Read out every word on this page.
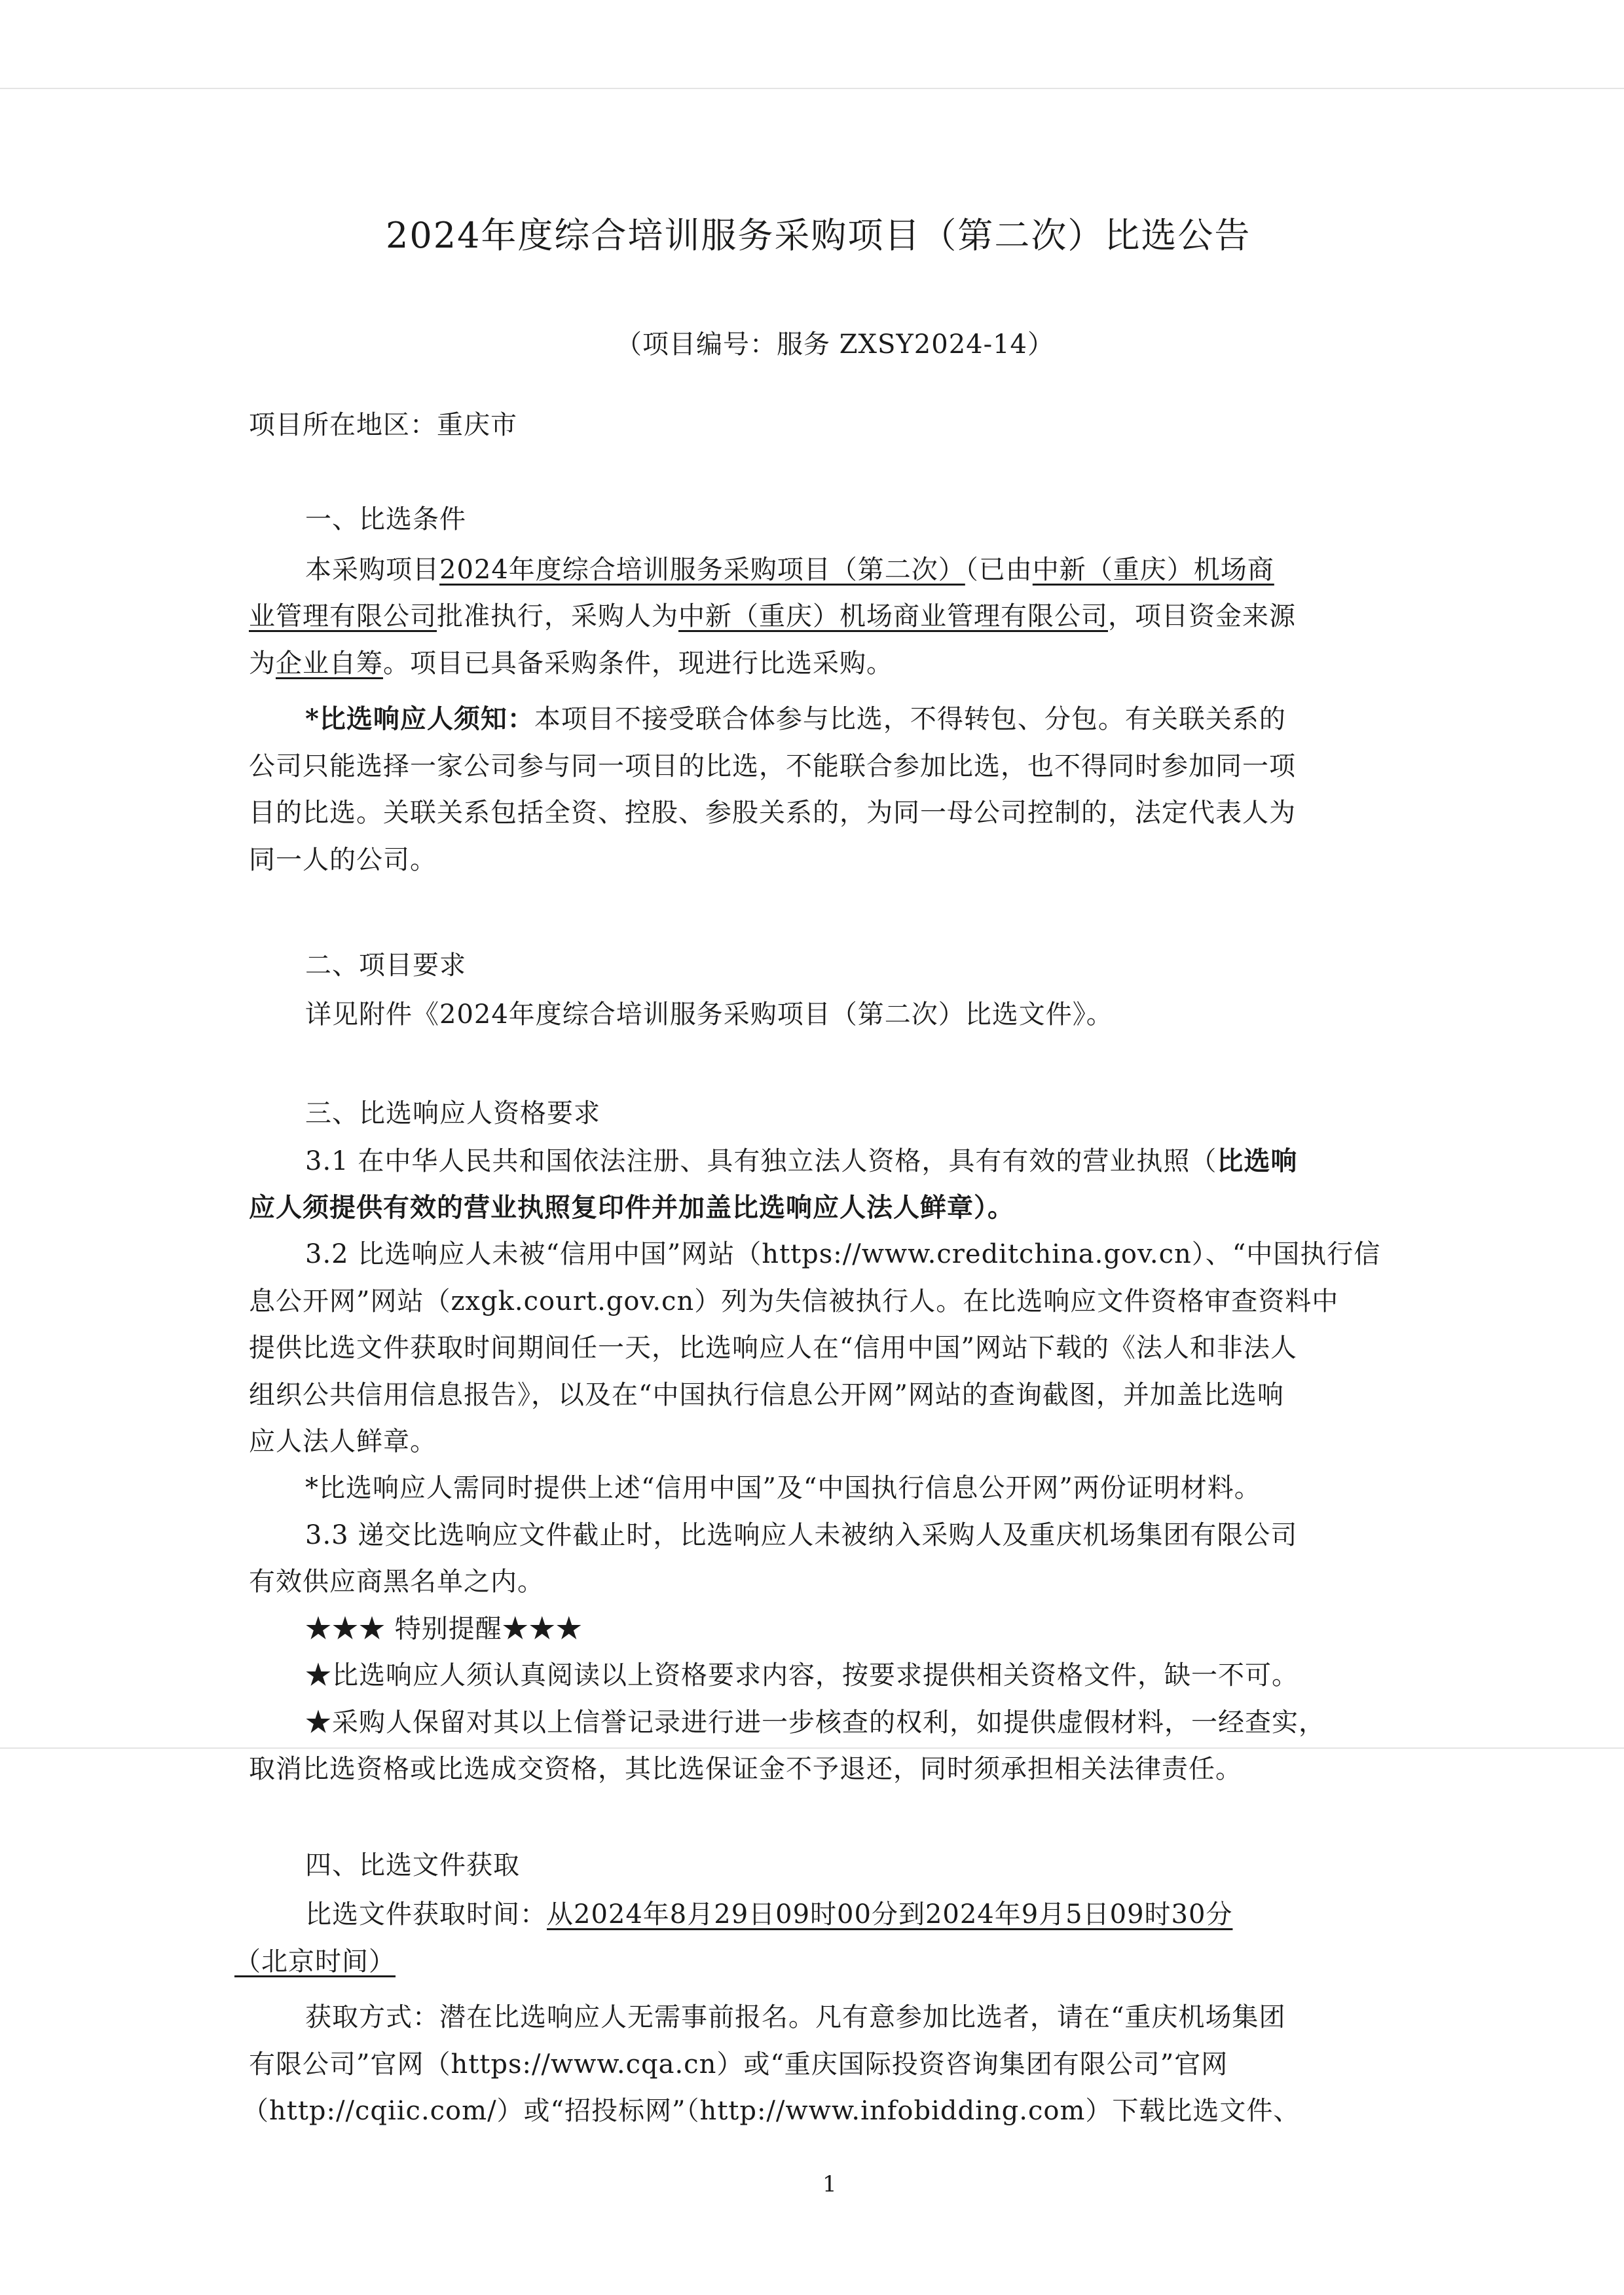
2024年度综合培训服务采购项目（第二次）比选公告
（项目编号：服务 ZXSY2024-14）
项目所在地区：重庆市
一、比选条件
本采购项目2024年度综合培训服务采购项目（第二次）（已由中新（重庆）机场商
业管理有限公司批准执行，采购人为中新（重庆）机场商业管理有限公司，项目资金来源
为企业自筹。项目已具备采购条件，现进行比选采购。
*比选响应人须知：本项目不接受联合体参与比选，不得转包、分包。有关联关系的
公司只能选择一家公司参与同一项目的比选，不能联合参加比选，也不得同时参加同一项
目的比选。关联关系包括全资、控股、参股关系的，为同一母公司控制的，法定代表人为
同一人的公司。
二、项目要求
详见附件《2024年度综合培训服务采购项目（第二次）比选文件》。
三、比选响应人资格要求
3.1 在中华人民共和国依法注册、具有独立法人资格，具有有效的营业执照（比选响
应人须提供有效的营业执照复印件并加盖比选响应人法人鲜章）。
3.2 比选响应人未被“信用中国”网站（https://www.creditchina.gov.cn）、“中国执行信
息公开网”网站（zxgk.court.gov.cn）列为失信被执行人。在比选响应文件资格审查资料中
提供比选文件获取时间期间任一天，比选响应人在“信用中国”网站下载的《法人和非法人
组织公共信用信息报告》，以及在“中国执行信息公开网”网站的查询截图，并加盖比选响
应人法人鲜章。
*比选响应人需同时提供上述“信用中国”及“中国执行信息公开网”两份证明材料。
3.3 递交比选响应文件截止时，比选响应人未被纳入采购人及重庆机场集团有限公司
有效供应商黑名单之内。
★★★ 特别提醒★★★
★比选响应人须认真阅读以上资格要求内容，按要求提供相关资格文件，缺一不可。
★采购人保留对其以上信誉记录进行进一步核查的权利，如提供虚假材料，一经查实，
取消比选资格或比选成交资格，其比选保证金不予退还，同时须承担相关法律责任。
四、比选文件获取
比选文件获取时间：从2024年8月29日09时00分到2024年9月5日09时30分
（北京时间）
获取方式：潜在比选响应人无需事前报名。凡有意参加比选者，请在“重庆机场集团
有限公司”官网（https://www.cqa.cn）或“重庆国际投资咨询集团有限公司”官网
（http://cqiic.com/）或“招投标网”（http://www.infobidding.com）下载比选文件、
1
